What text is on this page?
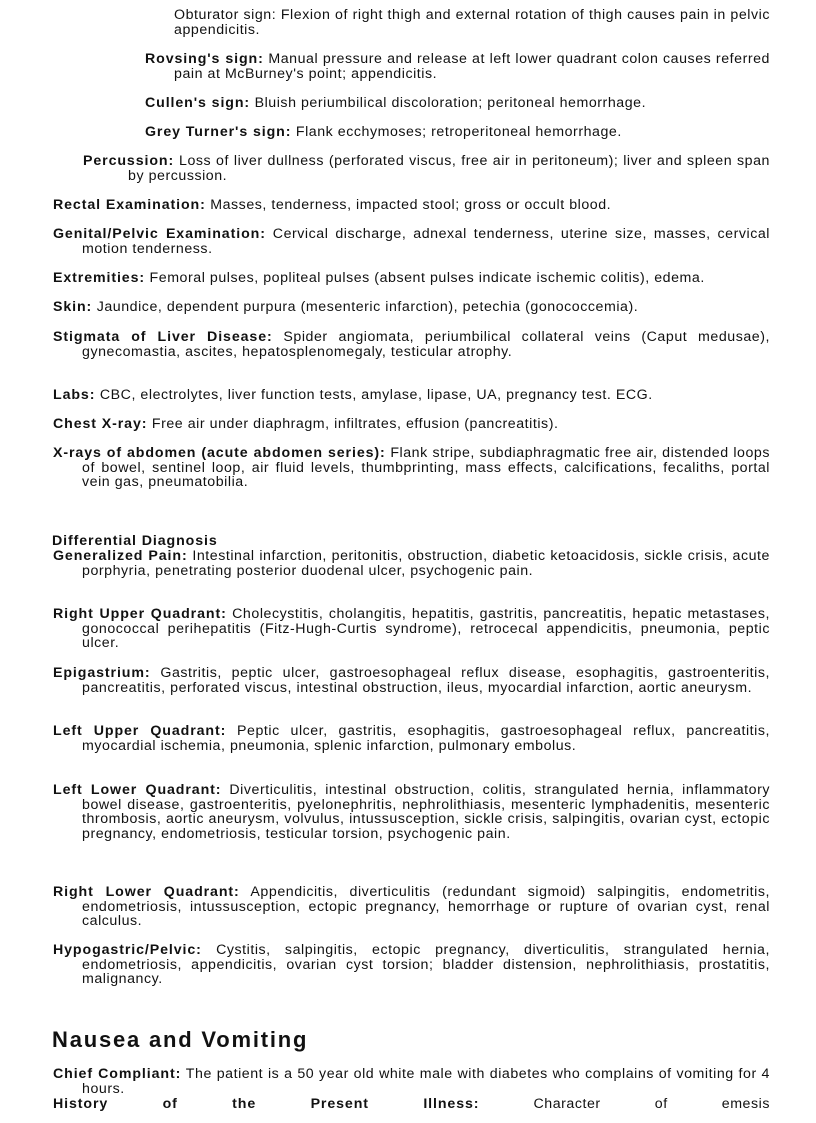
Obturator sign: Flexion of right thigh and external rotation of thigh causes pain in pelvic appendicitis.
Rovsing's sign: Manual pressure and release at left lower quadrant colon causes referred pain at McBurney's point; appendicitis.
Cullen's sign: Bluish periumbilical discoloration; peritoneal hemorrhage.
Grey Turner's sign: Flank ecchymoses; retroperitoneal hemorrhage.
Percussion: Loss of liver dullness (perforated viscus, free air in peritoneum); liver and spleen span by percussion.
Rectal Examination: Masses, tenderness, impacted stool; gross or occult blood.
Genital/Pelvic Examination: Cervical discharge, adnexal tenderness, uterine size, masses, cervical motion tenderness.
Extremities: Femoral pulses, popliteal pulses (absent pulses indicate ischemic colitis), edema.
Skin: Jaundice, dependent purpura (mesenteric infarction), petechia (gonococcemia).
Stigmata of Liver Disease: Spider angiomata, periumbilical collateral veins (Caput medusae), gynecomastia, ascites, hepatosplenomegaly, testicular atrophy.
Labs: CBC, electrolytes, liver function tests, amylase, lipase, UA, pregnancy test. ECG.
Chest X-ray: Free air under diaphragm, infiltrates, effusion (pancreatitis).
X-rays of abdomen (acute abdomen series): Flank stripe, subdiaphragmatic free air, distended loops of bowel, sentinel loop, air fluid levels, thumbprinting, mass effects, calcifications, fecaliths, portal vein gas, pneumatobilia.
Differential Diagnosis
Generalized Pain: Intestinal infarction, peritonitis, obstruction, diabetic ketoacidosis, sickle crisis, acute porphyria, penetrating posterior duodenal ulcer, psychogenic pain.
Right Upper Quadrant: Cholecystitis, cholangitis, hepatitis, gastritis, pancreatitis, hepatic metastases, gonococcal perihepatitis (Fitz-Hugh-Curtis syndrome), retrocecal appendicitis, pneumonia, peptic ulcer.
Epigastrium: Gastritis, peptic ulcer, gastroesophageal reflux disease, esophagitis, gastroenteritis, pancreatitis, perforated viscus, intestinal obstruction, ileus, myocardial infarction, aortic aneurysm.
Left Upper Quadrant: Peptic ulcer, gastritis, esophagitis, gastroesophageal reflux, pancreatitis, myocardial ischemia, pneumonia, splenic infarction, pulmonary embolus.
Left Lower Quadrant: Diverticulitis, intestinal obstruction, colitis, strangulated hernia, inflammatory bowel disease, gastroenteritis, pyelonephritis, nephrolithiasis, mesenteric lymphadenitis, mesenteric thrombosis, aortic aneurysm, volvulus, intussusception, sickle crisis, salpingitis, ovarian cyst, ectopic pregnancy, endometriosis, testicular torsion, psychogenic pain.
Right Lower Quadrant: Appendicitis, diverticulitis (redundant sigmoid) salpingitis, endometritis, endometriosis, intussusception, ectopic pregnancy, hemorrhage or rupture of ovarian cyst, renal calculus.
Hypogastric/Pelvic: Cystitis, salpingitis, ectopic pregnancy, diverticulitis, strangulated hernia, endometriosis, appendicitis, ovarian cyst torsion; bladder distension, nephrolithiasis, prostatitis, malignancy.
Nausea and Vomiting
Chief Compliant: The patient is a 50 year old white male with diabetes who complains of vomiting for 4 hours.
History of the Present Illness:	Character of emesis
